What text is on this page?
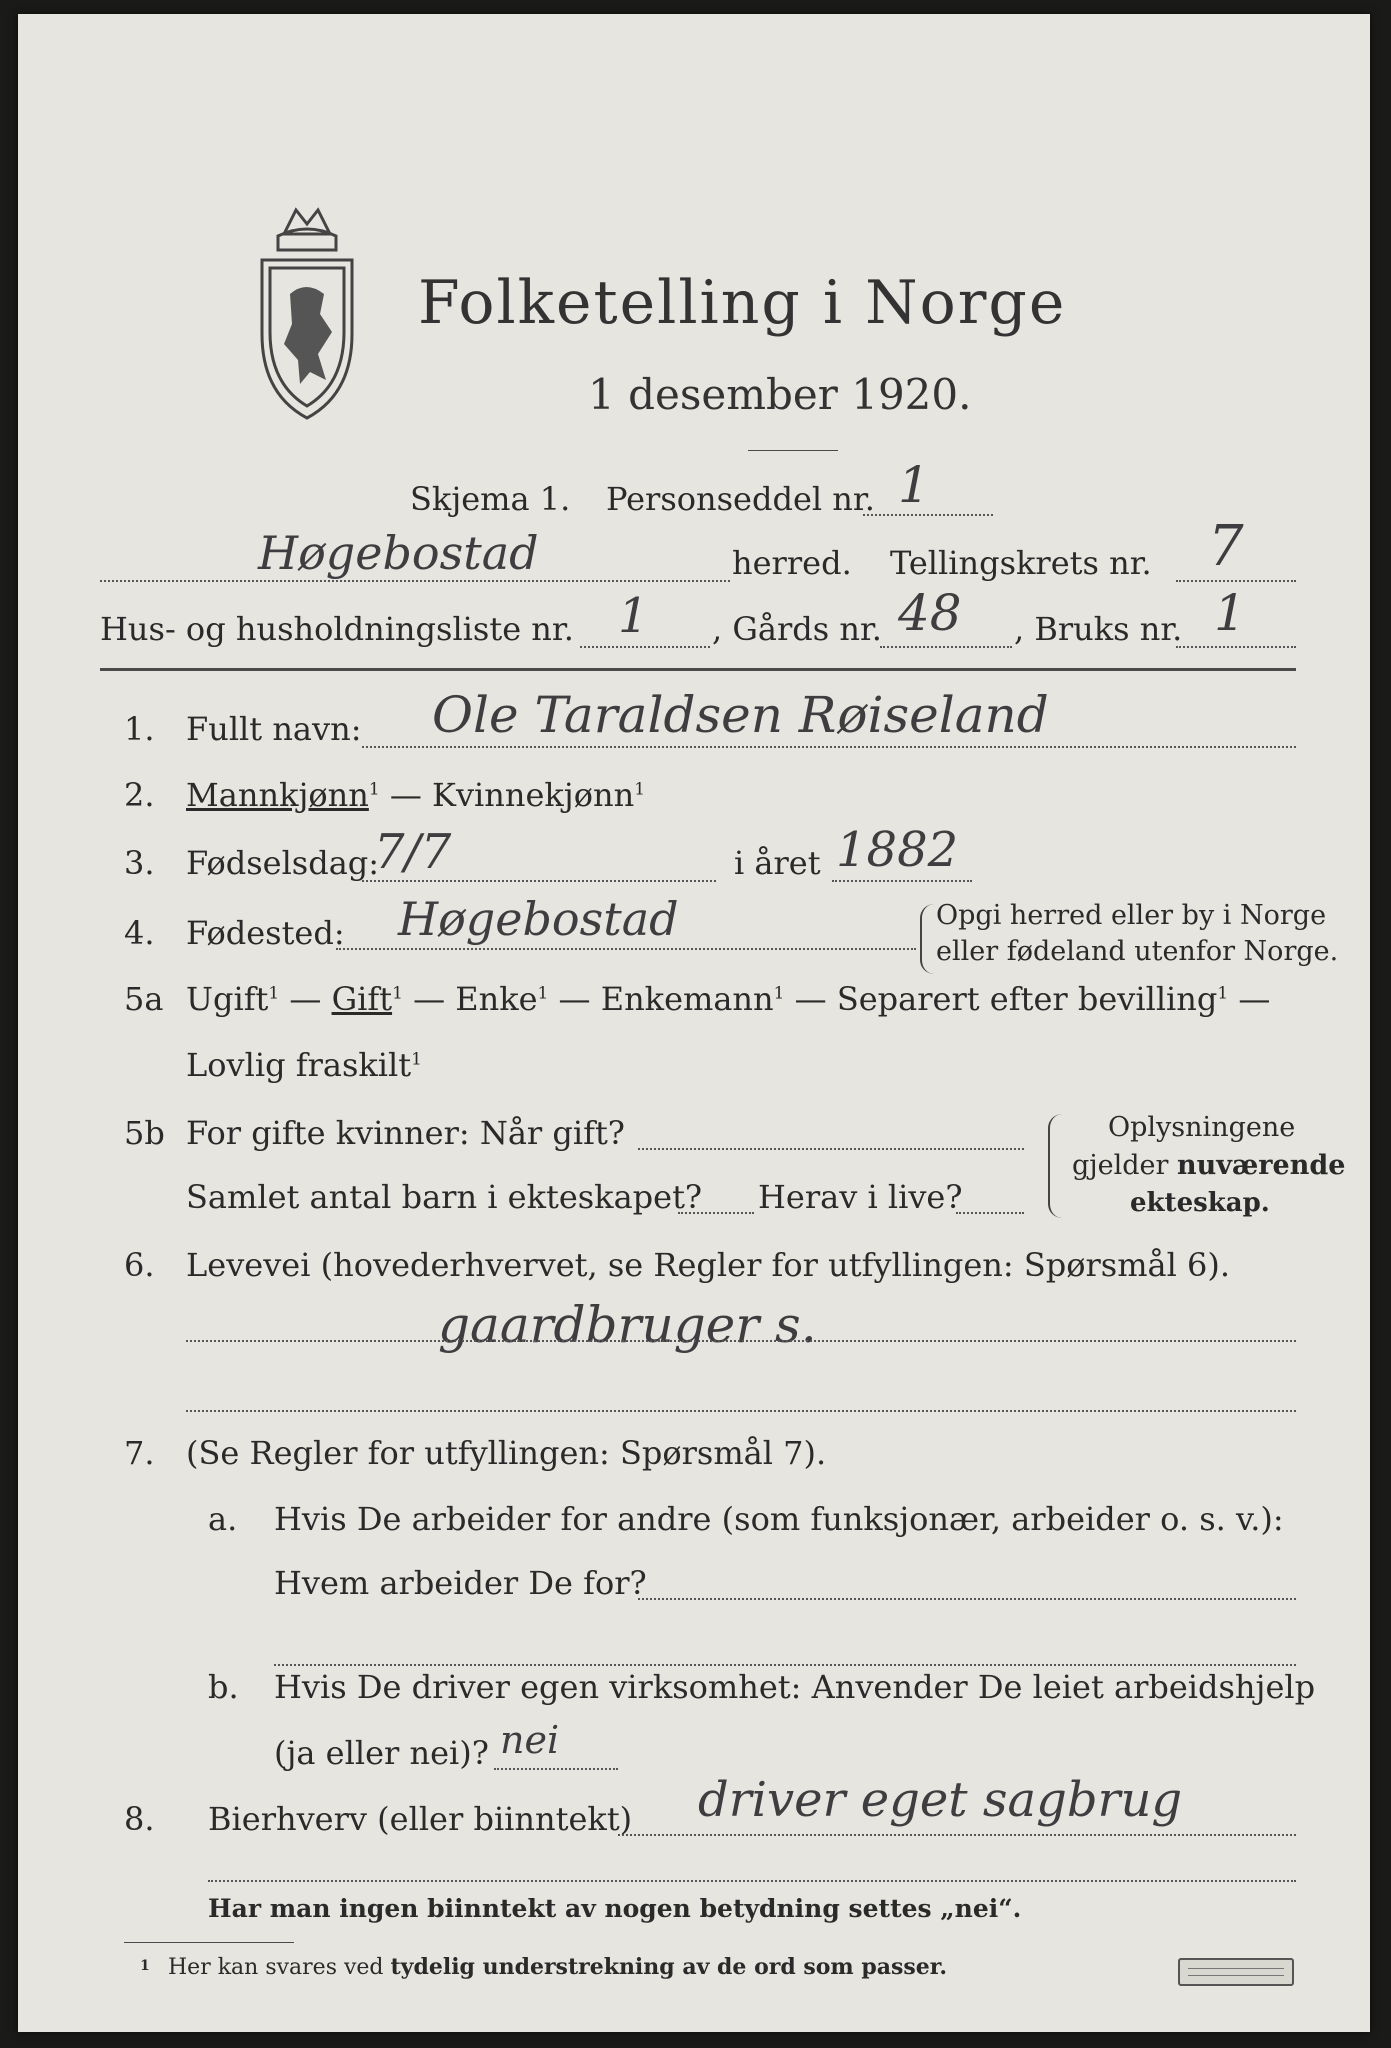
Folketelling i Norge
1 desember 1920.
Skjema 1. Personseddel nr. 1
Høgebostad	herred. Tellingskrets nr. 7
Hus- og husholdningsliste nr. 1 , Gårds nr. 48 , Bruks nr. 1
1. Fullt navn: Ole Taraldsen Røiseland
2. Mannkjønn$^1$ — Kvinnekjønn$^1$
3. Fødselsdag:
7/7	i året 1882
4. Fødested: Høgebostad	Opgi herred eller by i Norge
eller fødeland utenfor Norge.
5a Ugift$^1$ — Gift$^1$ — Enke$^1$ — Enkemann$^1$ — Separert efter bevilling$^1$ —
Lovlig fraskilt$^1$
5b For gifte kvinner: Når gift?
Samlet antal barn i ekteskapet? Herav i live?
Oplysningene
gjelder nuværende
ekteskap.
6. Levevei (hovederhvervet, se Regler for utfyllingen: Spørsmål 6).
gaardbruger s.
7. (Se Regler for utfyllingen: Spørsmål 7).
a. Hvis De arbeider for andre (som funksjonær, arbeider o. s. v.):
Hvem arbeider De for?
b. Hvis De driver egen virksomhet: Anvender De leiet arbeidshjelp
(ja eller nei)? nei
8. Bierhverv (eller biinntekt) driver eget sagbrug
Har man ingen biinntekt av nogen betydning settes „nei“.
1 Her kan svares ved tydelig understrekning av de ord som passer.
